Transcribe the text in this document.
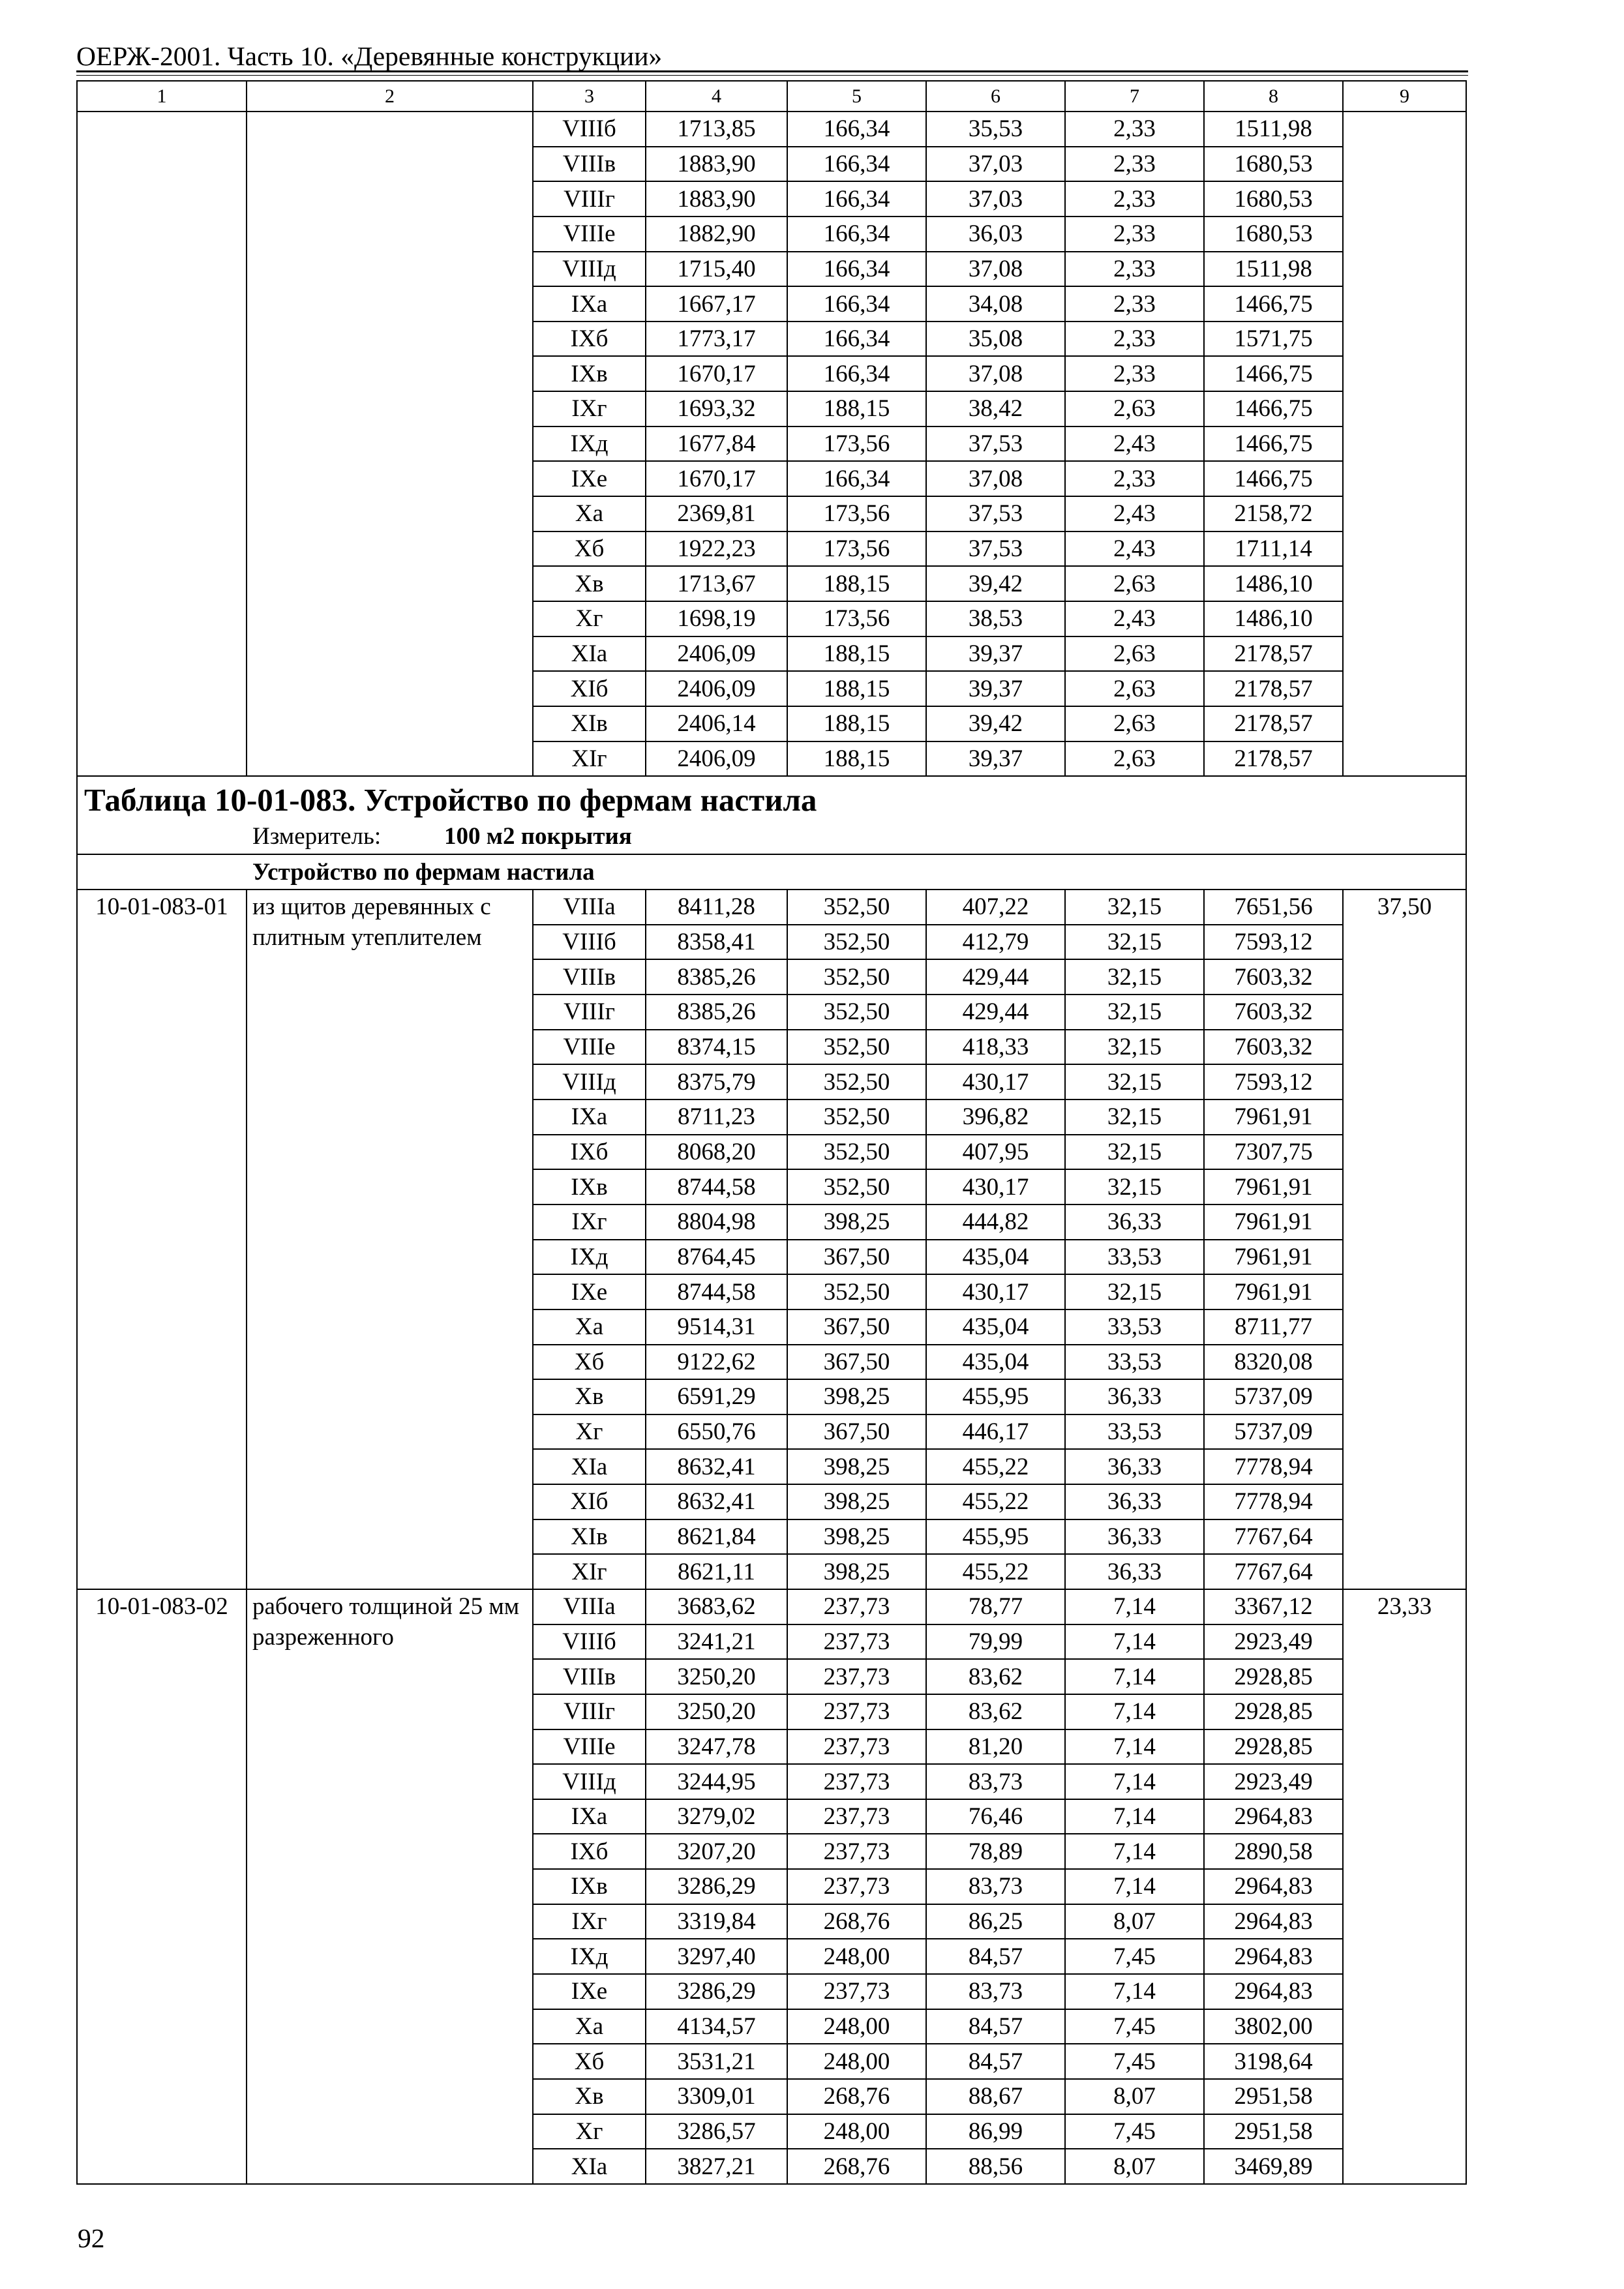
ОЕРЖ-2001. Часть 10. «Деревянные конструкции»
1	2	3	4	5	6	7	8	9
		VIIIб	1713,85	166,34	35,53	2,33	1511,98	
		VIIIв	1883,90	166,34	37,03	2,33	1680,53	
		VIIIг	1883,90	166,34	37,03	2,33	1680,53	
		VIIIе	1882,90	166,34	36,03	2,33	1680,53	
		VIIIд	1715,40	166,34	37,08	2,33	1511,98	
		IXа	1667,17	166,34	34,08	2,33	1466,75	
		IXб	1773,17	166,34	35,08	2,33	1571,75	
		IXв	1670,17	166,34	37,08	2,33	1466,75	
		IXг	1693,32	188,15	38,42	2,63	1466,75	
		IXд	1677,84	173,56	37,53	2,43	1466,75	
		IXе	1670,17	166,34	37,08	2,33	1466,75	
		Xа	2369,81	173,56	37,53	2,43	2158,72	
		Xб	1922,23	173,56	37,53	2,43	1711,14	
		Xв	1713,67	188,15	39,42	2,63	1486,10	
		Xг	1698,19	173,56	38,53	2,43	1486,10	
		XIа	2406,09	188,15	39,37	2,63	2178,57	
		XIб	2406,09	188,15	39,37	2,63	2178,57	
		XIв	2406,14	188,15	39,42	2,63	2178,57	
		XIг	2406,09	188,15	39,37	2,63	2178,57	

Таблица 10-01-083. Устройство по фермам настила
Измеритель: 100 м2 покрытия								

Устройство по фермам настила								
10-01-083-01	из щитов деревянных с плитным утеплителем	VIIIа	8411,28	352,50	407,22	32,15	7651,56	37,50
		VIIIб	8358,41	352,50	412,79	32,15	7593,12	
		VIIIв	8385,26	352,50	429,44	32,15	7603,32	
		VIIIг	8385,26	352,50	429,44	32,15	7603,32	
		VIIIе	8374,15	352,50	418,33	32,15	7603,32	
		VIIIд	8375,79	352,50	430,17	32,15	7593,12	
		IXа	8711,23	352,50	396,82	32,15	7961,91	
		IXб	8068,20	352,50	407,95	32,15	7307,75	
		IXв	8744,58	352,50	430,17	32,15	7961,91	
		IXг	8804,98	398,25	444,82	36,33	7961,91	
		IXд	8764,45	367,50	435,04	33,53	7961,91	
		IXе	8744,58	352,50	430,17	32,15	7961,91	
		Xа	9514,31	367,50	435,04	33,53	8711,77	
		Xб	9122,62	367,50	435,04	33,53	8320,08	
		Xв	6591,29	398,25	455,95	36,33	5737,09	
		Xг	6550,76	367,50	446,17	33,53	5737,09	
		XIа	8632,41	398,25	455,22	36,33	7778,94	
		XIб	8632,41	398,25	455,22	36,33	7778,94	
		XIв	8621,84	398,25	455,95	36,33	7767,64	
		XIг	8621,11	398,25	455,22	36,33	7767,64	
10-01-083-02	рабочего толщиной 25 мм разреженного	VIIIа	3683,62	237,73	78,77	7,14	3367,12	23,33
		VIIIб	3241,21	237,73	79,99	7,14	2923,49	
		VIIIв	3250,20	237,73	83,62	7,14	2928,85	
		VIIIг	3250,20	237,73	83,62	7,14	2928,85	
		VIIIе	3247,78	237,73	81,20	7,14	2928,85	
		VIIIд	3244,95	237,73	83,73	7,14	2923,49	
		IXа	3279,02	237,73	76,46	7,14	2964,83	
		IXб	3207,20	237,73	78,89	7,14	2890,58	
		IXв	3286,29	237,73	83,73	7,14	2964,83	
		IXг	3319,84	268,76	86,25	8,07	2964,83	
		IXд	3297,40	248,00	84,57	7,45	2964,83	
		IXе	3286,29	237,73	83,73	7,14	2964,83	
		Xа	4134,57	248,00	84,57	7,45	3802,00	
		Xб	3531,21	248,00	84,57	7,45	3198,64	
		Xв	3309,01	268,76	88,67	8,07	2951,58	
		Xг	3286,57	248,00	86,99	7,45	2951,58	
		XIа	3827,21	268,76	88,56	8,07	3469,89	
92
